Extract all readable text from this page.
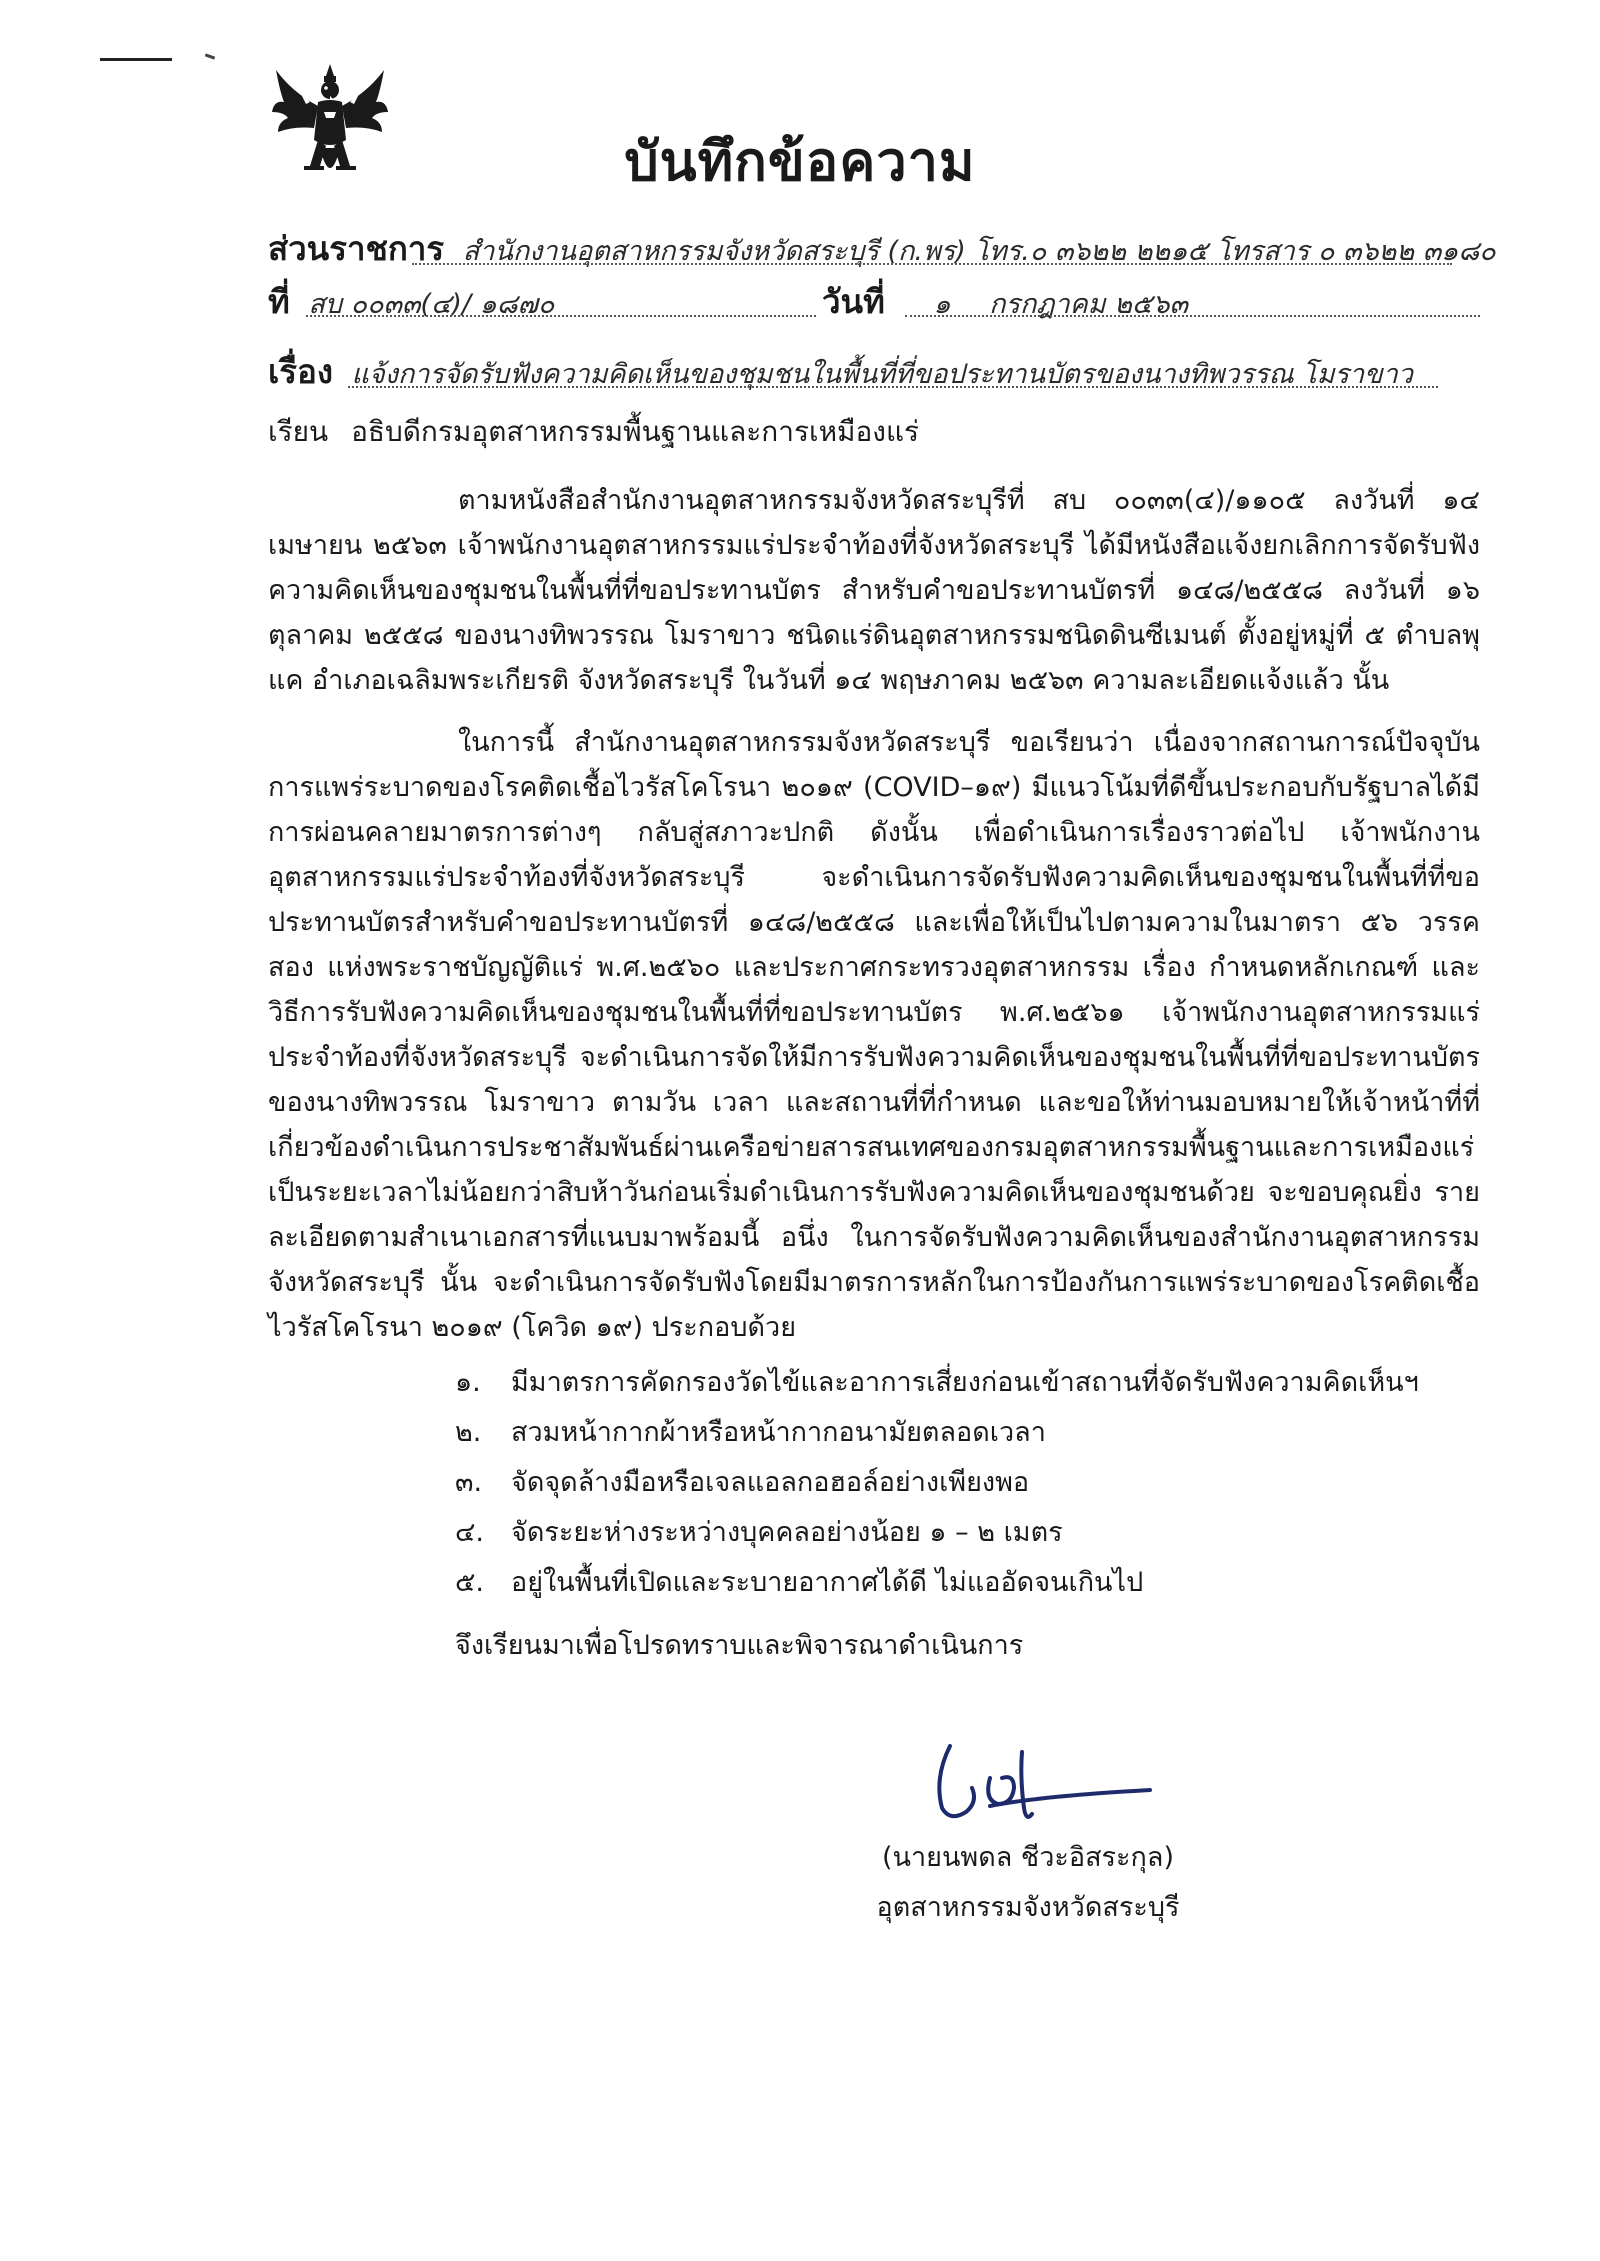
บันทึกข้อความ
ส่วนราชการ สำนักงานอุตสาหกรรมจังหวัดสระบุรี (ก.พร) โทร.๐ ๓๖๒๒ ๒๒๑๕ โทรสาร ๐ ๓๖๒๒ ๓๑๘๐
ที่ สบ ๐๐๓๓(๔)/ ๑๘๗๐	วันที่ ๑ กรกฎาคม ๒๕๖๓
เรื่อง แจ้งการจัดรับฟังความคิดเห็นของชุมชนในพื้นที่ที่ขอประทานบัตรของนางทิพวรรณ โมราขาว
เรียน อธิบดีกรมอุตสาหกรรมพื้นฐานและการเหมืองแร่

ตามหนังสือสำนักงานอุตสาหกรรมจังหวัดสระบุรีที่ สบ ๐๐๓๓(๔)/๑๑๐๕ ลงวันที่ ๑๔ เมษายน ๒๕๖๓ เจ้าพนักงานอุตสาหกรรมแร่ประจำท้องที่จังหวัดสระบุรี ได้มีหนังสือแจ้งยกเลิกการจัดรับฟังความคิดเห็นของชุมชนในพื้นที่ที่ขอประทานบัตร สำหรับคำขอประทานบัตรที่ ๑๔๘/๒๕๕๘ ลงวันที่ ๑๖ ตุลาคม ๒๕๕๘ ของนางทิพวรรณ โมราขาว ชนิดแร่ดินอุตสาหกรรมชนิดดินซีเมนต์ ตั้งอยู่หมู่ที่ ๕ ตำบลพุแค อำเภอเฉลิมพระเกียรติ จังหวัดสระบุรี ในวันที่ ๑๔ พฤษภาคม ๒๕๖๓ ความละเอียดแจ้งแล้ว นั้น

ในการนี้ สำนักงานอุตสาหกรรมจังหวัดสระบุรี ขอเรียนว่า เนื่องจากสถานการณ์ปัจจุบันการแพร่ระบาดของโรคติดเชื้อไวรัสโคโรนา ๒๐๑๙ (COVID–๑๙) มีแนวโน้มที่ดีขึ้นประกอบกับรัฐบาลได้มีการผ่อนคลายมาตรการต่างๆ กลับสู่สภาวะปกติ ดังนั้น เพื่อดำเนินการเรื่องราวต่อไป เจ้าพนักงานอุตสาหกรรมแร่ประจำท้องที่จังหวัดสระบุรี จะดำเนินการจัดรับฟังความคิดเห็นของชุมชนในพื้นที่ที่ขอประทานบัตรสำหรับคำขอประทานบัตรที่ ๑๔๘/๒๕๕๘ และเพื่อให้เป็นไปตามความในมาตรา ๕๖ วรรคสอง แห่งพระราชบัญญัติแร่ พ.ศ.๒๕๖๐ และประกาศกระทรวงอุตสาหกรรม เรื่อง กำหนดหลักเกณฑ์ และวิธีการรับฟังความคิดเห็นของชุมชนในพื้นที่ที่ขอประทานบัตร พ.ศ.๒๕๖๑ เจ้าพนักงานอุตสาหกรรมแร่ประจำท้องที่จังหวัดสระบุรี จะดำเนินการจัดให้มีการรับฟังความคิดเห็นของชุมชนในพื้นที่ที่ขอประทานบัตรของนางทิพวรรณ โมราขาว ตามวัน เวลา และสถานที่ที่กำหนด และขอให้ท่านมอบหมายให้เจ้าหน้าที่ที่เกี่ยวข้องดำเนินการประชาสัมพันธ์ผ่านเครือข่ายสารสนเทศของกรมอุตสาหกรรมพื้นฐานและการเหมืองแร่ เป็นระยะเวลาไม่น้อยกว่าสิบห้าวันก่อนเริ่มดำเนินการรับฟังความคิดเห็นของชุมชนด้วย จะขอบคุณยิ่ง รายละเอียดตามสำเนาเอกสารที่แนบมาพร้อมนี้ อนึ่ง ในการจัดรับฟังความคิดเห็นของสำนักงานอุตสาหกรรมจังหวัดสระบุรี นั้น จะดำเนินการจัดรับฟังโดยมีมาตรการหลักในการป้องกันการแพร่ระบาดของโรคติดเชื้อไวรัสโคโรนา ๒๐๑๙ (โควิด ๑๙) ประกอบด้วย

๑. มีมาตรการคัดกรองวัดไข้และอาการเสี่ยงก่อนเข้าสถานที่จัดรับฟังความคิดเห็นฯ
๒. สวมหน้ากากผ้าหรือหน้ากากอนามัยตลอดเวลา
๓. จัดจุดล้างมือหรือเจลแอลกอฮอล์อย่างเพียงพอ
๔. จัดระยะห่างระหว่างบุคคลอย่างน้อย ๑ – ๒ เมตร
๕. อยู่ในพื้นที่เปิดและระบายอากาศได้ดี ไม่แออัดจนเกินไป
จึงเรียนมาเพื่อโปรดทราบและพิจารณาดำเนินการ
(นายนพดล ชีวะอิสระกุล)
อุตสาหกรรมจังหวัดสระบุรี
